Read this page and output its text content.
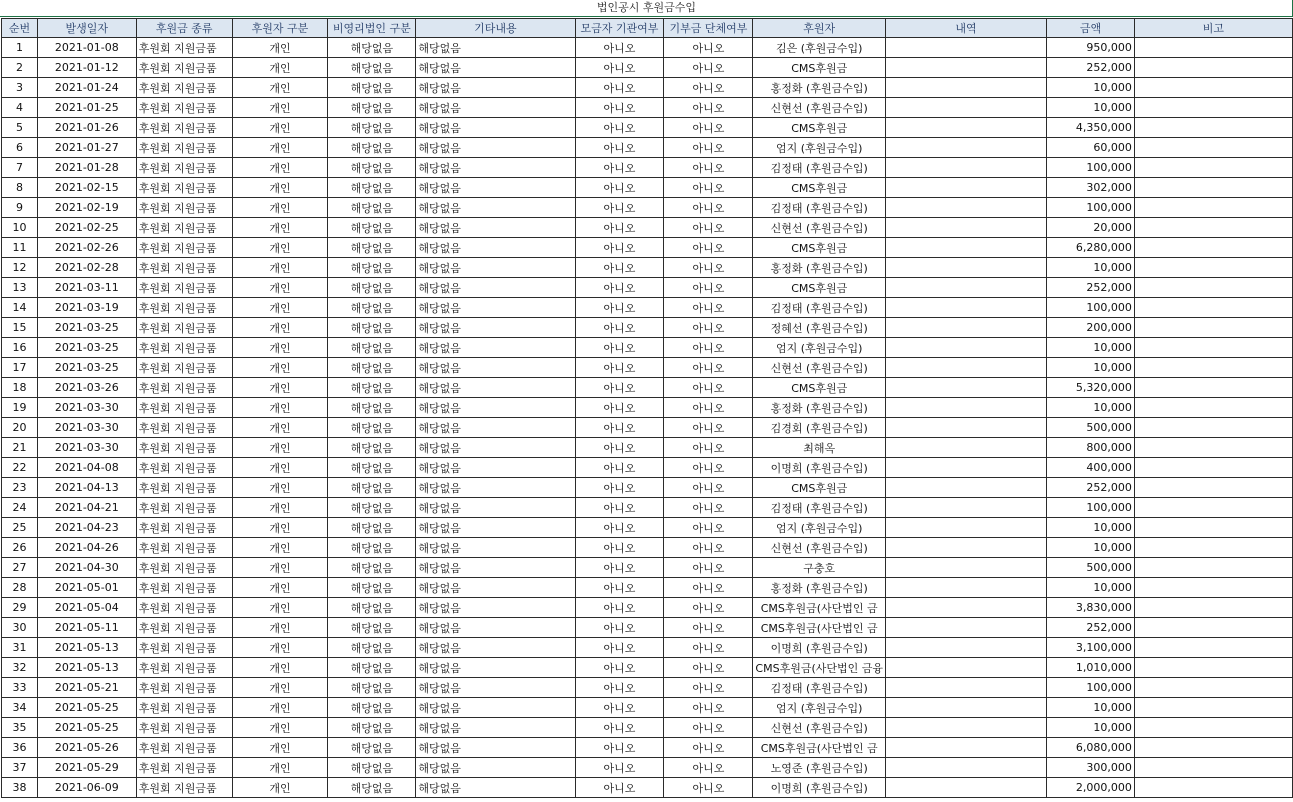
법인공시 후원금수입
순번	발생일자	후원금 종류	후원자 구분	비영리법인 구분	기타내용	모금자 기관여부	기부금 단체여부	후원자	내역	금액	비고
1	2021-01-08	후원회 지원금품	개인	해당없음	해당없음	아니오	아니오	김은 (후원금수입)		950,000	
2	2021-01-12	후원회 지원금품	개인	해당없음	해당없음	아니오	아니오	CMS후원금		252,000	
3	2021-01-24	후원회 지원금품	개인	해당없음	해당없음	아니오	아니오	홍정화 (후원금수입)		10,000	
4	2021-01-25	후원회 지원금품	개인	해당없음	해당없음	아니오	아니오	신현선 (후원금수입)		10,000	
5	2021-01-26	후원회 지원금품	개인	해당없음	해당없음	아니오	아니오	CMS후원금		4,350,000	
6	2021-01-27	후원회 지원금품	개인	해당없음	해당없음	아니오	아니오	엄지 (후원금수입)		60,000	
7	2021-01-28	후원회 지원금품	개인	해당없음	해당없음	아니오	아니오	김정태 (후원금수입)		100,000	
8	2021-02-15	후원회 지원금품	개인	해당없음	해당없음	아니오	아니오	CMS후원금		302,000	
9	2021-02-19	후원회 지원금품	개인	해당없음	해당없음	아니오	아니오	김정태 (후원금수입)		100,000	
10	2021-02-25	후원회 지원금품	개인	해당없음	해당없음	아니오	아니오	신현선 (후원금수입)		20,000	
11	2021-02-26	후원회 지원금품	개인	해당없음	해당없음	아니오	아니오	CMS후원금		6,280,000	
12	2021-02-28	후원회 지원금품	개인	해당없음	해당없음	아니오	아니오	홍정화 (후원금수입)		10,000	
13	2021-03-11	후원회 지원금품	개인	해당없음	해당없음	아니오	아니오	CMS후원금		252,000	
14	2021-03-19	후원회 지원금품	개인	해당없음	해당없음	아니오	아니오	김정태 (후원금수입)		100,000	
15	2021-03-25	후원회 지원금품	개인	해당없음	해당없음	아니오	아니오	정혜선 (후원금수입)		200,000	
16	2021-03-25	후원회 지원금품	개인	해당없음	해당없음	아니오	아니오	엄지 (후원금수입)		10,000	
17	2021-03-25	후원회 지원금품	개인	해당없음	해당없음	아니오	아니오	신현선 (후원금수입)		10,000	
18	2021-03-26	후원회 지원금품	개인	해당없음	해당없음	아니오	아니오	CMS후원금		5,320,000	
19	2021-03-30	후원회 지원금품	개인	해당없음	해당없음	아니오	아니오	홍정화 (후원금수입)		10,000	
20	2021-03-30	후원회 지원금품	개인	해당없음	해당없음	아니오	아니오	김경회 (후원금수입)		500,000	
21	2021-03-30	후원회 지원금품	개인	해당없음	해당없음	아니오	아니오	최해옥		800,000	
22	2021-04-08	후원회 지원금품	개인	해당없음	해당없음	아니오	아니오	이명희 (후원금수입)		400,000	
23	2021-04-13	후원회 지원금품	개인	해당없음	해당없음	아니오	아니오	CMS후원금		252,000	
24	2021-04-21	후원회 지원금품	개인	해당없음	해당없음	아니오	아니오	김정태 (후원금수입)		100,000	
25	2021-04-23	후원회 지원금품	개인	해당없음	해당없음	아니오	아니오	엄지 (후원금수입)		10,000	
26	2021-04-26	후원회 지원금품	개인	해당없음	해당없음	아니오	아니오	신현선 (후원금수입)		10,000	
27	2021-04-30	후원회 지원금품	개인	해당없음	해당없음	아니오	아니오	구충호		500,000	
28	2021-05-01	후원회 지원금품	개인	해당없음	해당없음	아니오	아니오	홍정화 (후원금수입)		10,000	
29	2021-05-04	후원회 지원금품	개인	해당없음	해당없음	아니오	아니오	CMS후원금(사단법인 금		3,830,000	
30	2021-05-11	후원회 지원금품	개인	해당없음	해당없음	아니오	아니오	CMS후원금(사단법인 금		252,000	
31	2021-05-13	후원회 지원금품	개인	해당없음	해당없음	아니오	아니오	이명희 (후원금수입)		3,100,000	
32	2021-05-13	후원회 지원금품	개인	해당없음	해당없음	아니오	아니오	CMS후원금(사단법인 금융		1,010,000	
33	2021-05-21	후원회 지원금품	개인	해당없음	해당없음	아니오	아니오	김정태 (후원금수입)		100,000	
34	2021-05-25	후원회 지원금품	개인	해당없음	해당없음	아니오	아니오	엄지 (후원금수입)		10,000	
35	2021-05-25	후원회 지원금품	개인	해당없음	해당없음	아니오	아니오	신현선 (후원금수입)		10,000	
36	2021-05-26	후원회 지원금품	개인	해당없음	해당없음	아니오	아니오	CMS후원금(사단법인 금		6,080,000	
37	2021-05-29	후원회 지원금품	개인	해당없음	해당없음	아니오	아니오	노영준 (후원금수입)		300,000	
38	2021-06-09	후원회 지원금품	개인	해당없음	해당없음	아니오	아니오	이명희 (후원금수입)		2,000,000	
